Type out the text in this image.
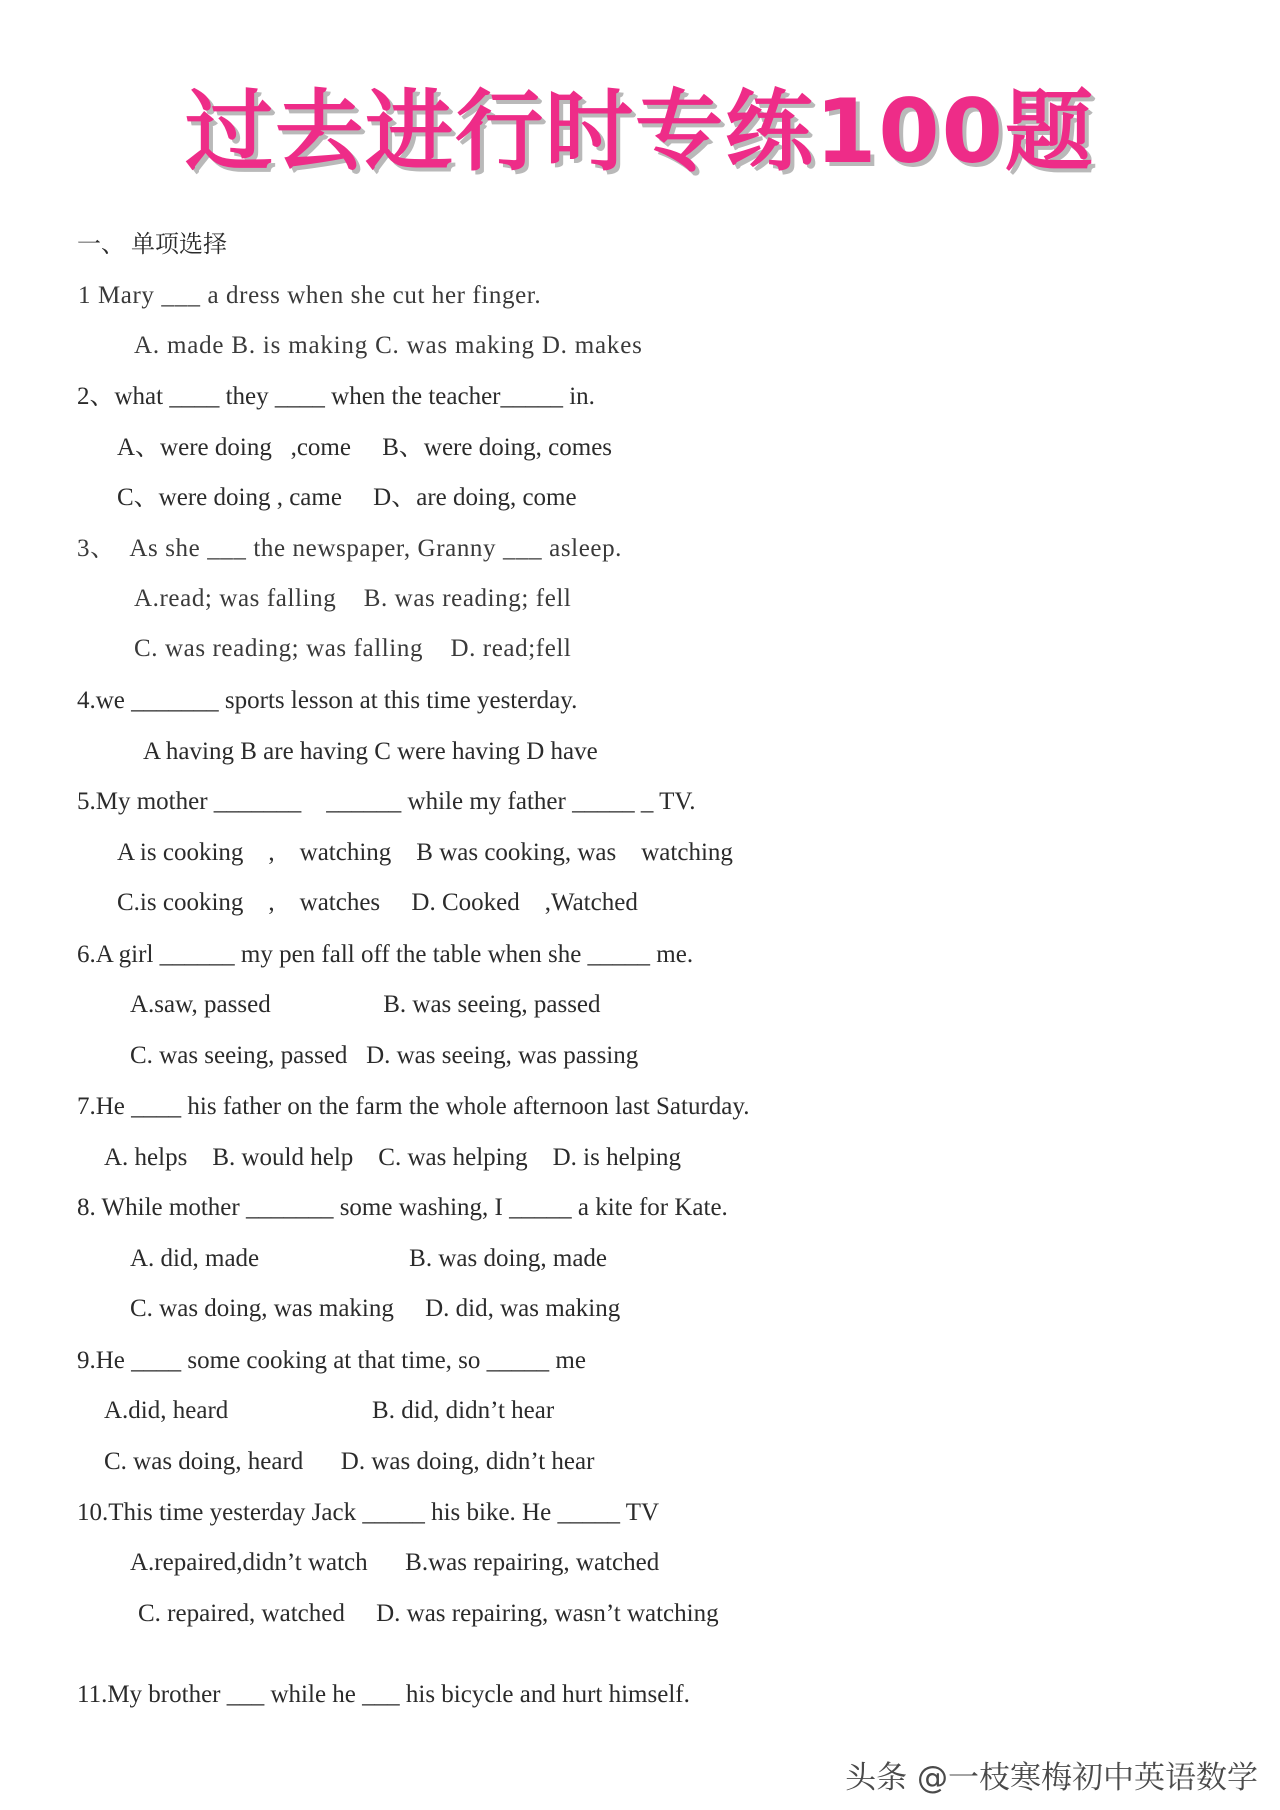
过去进行时专练100题
一、 单项选择
1 Mary ___ a dress when she cut her finger.
A. made B. is making C. was making D. makes
2、what ____ they ____ when the teacher_____ in.
A、were doing   ,come     B、were doing, comes
C、were doing , came     D、are doing, come
3、  As she ___ the newspaper, Granny ___ asleep.
A.read; was falling    B. was reading; fell
C. was reading; was falling    D. read;fell
4.we _______ sports lesson at this time yesterday.
A having B are having C were having D have
5.My mother _______    ______ while my father _____ _ TV.
A is cooking    ,    watching    B was cooking, was    watching
C.is cooking    ,    watches     D. Cooked    ,Watched
6.A girl ______ my pen fall off the table when she _____ me.
A.saw, passed                  B. was seeing, passed
C. was seeing, passed   D. was seeing, was passing
7.He ____ his father on the farm the whole afternoon last Saturday.
A. helps    B. would help    C. was helping    D. is helping
8. While mother _______ some washing, I _____ a kite for Kate.
A. did, made                        B. was doing, made
C. was doing, was making     D. did, was making
9.He ____ some cooking at that time, so _____ me
A.did, heard                       B. did, didn’t hear
C. was doing, heard      D. was doing, didn’t hear
10.This time yesterday Jack _____ his bike. He _____ TV
A.repaired,didn’t watch      B.was repairing, watched
C. repaired, watched     D. was repairing, wasn’t watching
11.My brother ___ while he ___ his bicycle and hurt himself.
头条 @一枝寒梅初中英语数学
